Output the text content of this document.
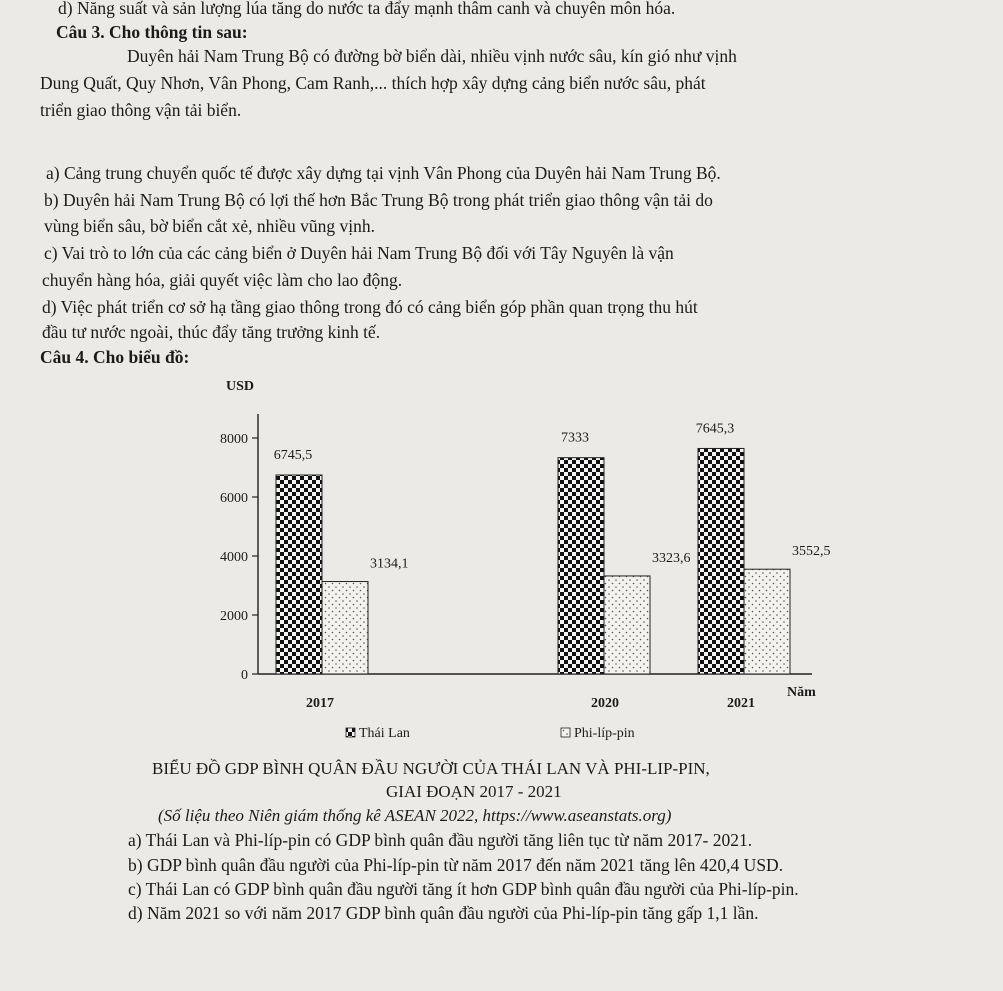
d) Năng suất và sản lượng lúa tăng do nước ta đẩy mạnh thâm canh và chuyên môn hóa.
Câu 3. Cho thông tin sau:
Duyên hải Nam Trung Bộ có đường bờ biển dài, nhiều vịnh nước sâu, kín gió như vịnh
Dung Quất, Quy Nhơn, Vân Phong, Cam Ranh,... thích hợp xây dựng cảng biển nước sâu, phát
triển giao thông vận tải biển.
a) Cảng trung chuyển quốc tế được xây dựng tại vịnh Vân Phong của Duyên hải Nam Trung Bộ.
b) Duyên hải Nam Trung Bộ có lợi thế hơn Bắc Trung Bộ trong phát triển giao thông vận tải do
vùng biển sâu, bờ biển cắt xẻ, nhiều vũng vịnh.
c) Vai trò to lớn của các cảng biển ở Duyên hải Nam Trung Bộ đối với Tây Nguyên là vận
chuyển hàng hóa, giải quyết việc làm cho lao động.
d) Việc phát triển cơ sở hạ tầng giao thông trong đó có cảng biển góp phần quan trọng thu hút
đầu tư nước ngoài, thúc đẩy tăng trưởng kinh tế.
Câu 4. Cho biểu đồ:
USD
Năm
0
2000
4000
6000
8000
6745,5
3134,1
2017
7333
3323,6
2020
7645,3
3552,5
2021
Thái Lan	Phi-líp-pin
BIỂU ĐỒ GDP BÌNH QUÂN ĐẦU NGƯỜI CỦA THÁI LAN VÀ PHI-LIP-PIN,
GIAI ĐOẠN 2017 - 2021
(Số liệu theo Niên giám thống kê ASEAN 2022, https://www.aseanstats.org)
a) Thái Lan và Phi-líp-pin có GDP bình quân đầu người tăng liên tục từ năm 2017- 2021.
b) GDP bình quân đầu người của Phi-líp-pin từ năm 2017 đến năm 2021 tăng lên 420,4 USD.
c) Thái Lan có GDP bình quân đầu người tăng ít hơn GDP bình quân đầu người của Phi-líp-pin.
d) Năm 2021 so với năm 2017 GDP bình quân đầu người của Phi-líp-pin tăng gấp 1,1 lần.
